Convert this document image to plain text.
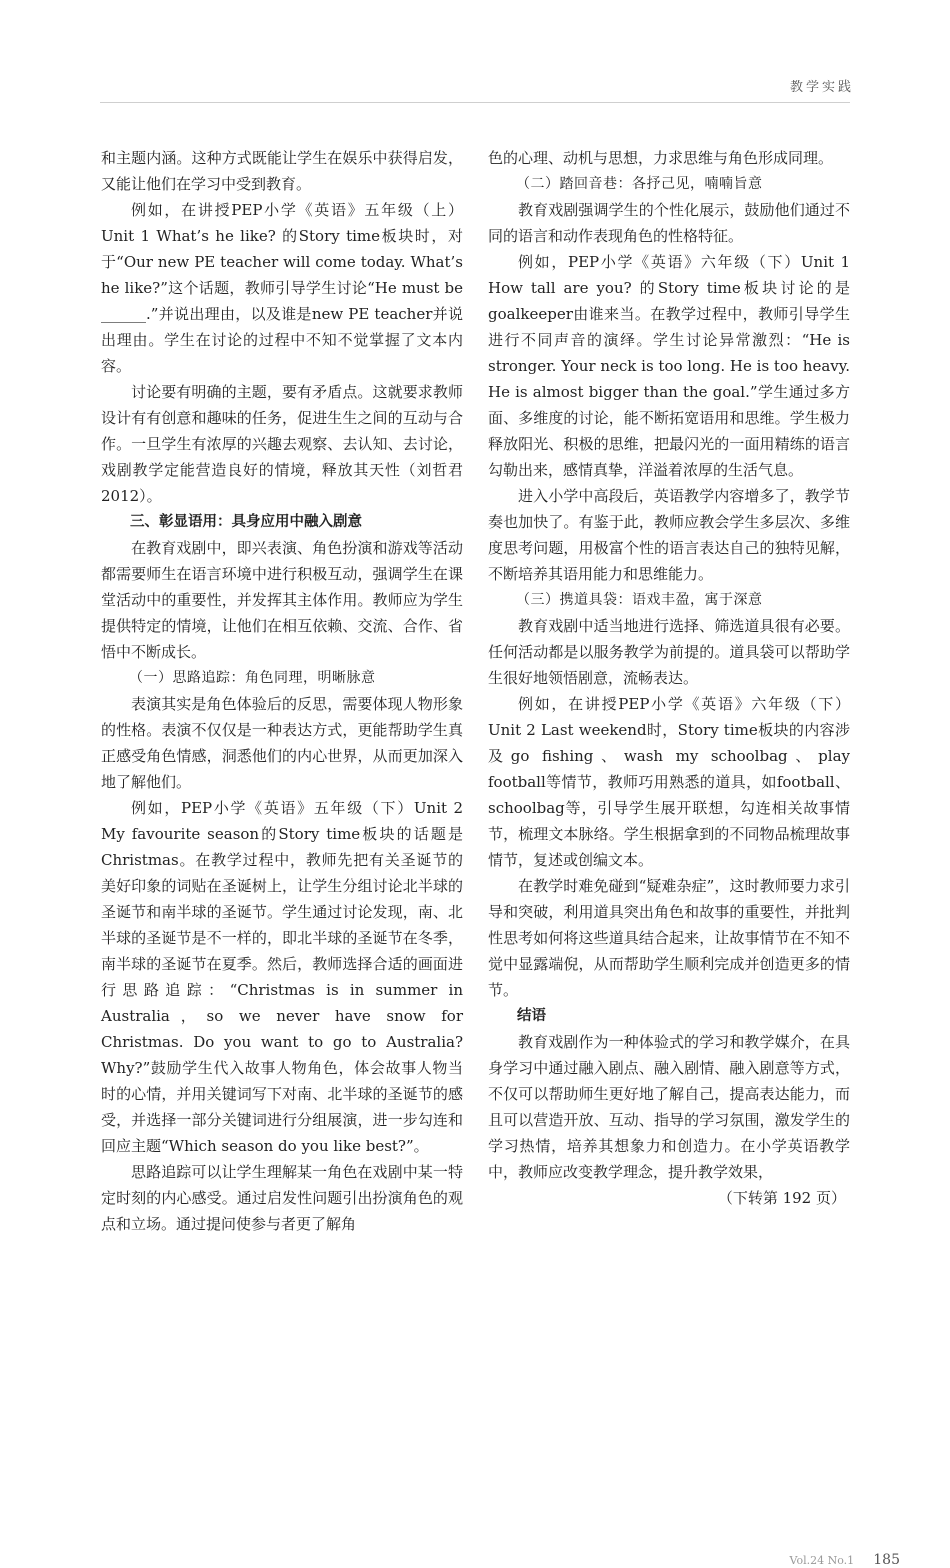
教学实践

和主题内涵。这种方式既能让学生在娱乐中获得启发，又能让他们在学习中受到教育。

例如，在讲授PEP小学《英语》五年级（上）Unit 1 What’s he like? 的Story time板块时，对于“Our new PE teacher will come today. What’s he like?”这个话题，教师引导学生讨论“He must be ______.”并说出理由，以及谁是new PE teacher并说出理由。学生在讨论的过程中不知不觉掌握了文本内容。

讨论要有明确的主题，要有矛盾点。这就要求教师设计有有创意和趣味的任务，促进生生之间的互动与合作。一旦学生有浓厚的兴趣去观察、去认知、去讨论，戏剧教学定能营造良好的情境，释放其天性（刘哲君 2012）。

三、彰显语用：具身应用中融入剧意

在教育戏剧中，即兴表演、角色扮演和游戏等活动都需要师生在语言环境中进行积极互动，强调学生在课堂活动中的重要性，并发挥其主体作用。教师应为学生提供特定的情境，让他们在相互依赖、交流、合作、省悟中不断成长。

（一）思路追踪：角色同理，明晰脉意

表演其实是角色体验后的反思，需要体现人物形象的性格。表演不仅仅是一种表达方式，更能帮助学生真正感受角色情感，洞悉他们的内心世界，从而更加深入地了解他们。

例如，PEP小学《英语》五年级（下）Unit 2 My favourite season的Story time板块的话题是Christmas。在教学过程中，教师先把有关圣诞节的美好印象的词贴在圣诞树上，让学生分组讨论北半球的圣诞节和南半球的圣诞节。学生通过讨论发现，南、北半球的圣诞节是不一样的，即北半球的圣诞节在冬季，南半球的圣诞节在夏季。然后，教师选择合适的画面进行思路追踪：“Christmas is in summer in Australia，so we never have snow for Christmas. Do you want to go to Australia? Why?”鼓励学生代入故事人物角色，体会故事人物当时的心情，并用关键词写下对南、北半球的圣诞节的感受，并选择一部分关键词进行分组展演，进一步勾连和回应主题“Which season do you like best?”。

思路追踪可以让学生理解某一角色在戏剧中某一特定时刻的内心感受。通过启发性问题引出扮演角色的观点和立场。通过提问使参与者更了解角

色的心理、动机与思想，力求思维与角色形成同理。

（二）踏回音巷：各抒己见，喃喃旨意

教育戏剧强调学生的个性化展示，鼓励他们通过不同的语言和动作表现角色的性格特征。

例如，PEP小学《英语》六年级（下）Unit 1 How tall are you? 的Story time板块讨论的是goalkeeper由谁来当。在教学过程中，教师引导学生进行不同声音的演绎。学生讨论异常激烈：“He is stronger. Your neck is too long. He is too heavy. He is almost bigger than the goal.”学生通过多方面、多维度的讨论，能不断拓宽语用和思维。学生极力释放阳光、积极的思维，把最闪光的一面用精练的语言勾勒出来，感情真挚，洋溢着浓厚的生活气息。

进入小学中高段后，英语教学内容增多了，教学节奏也加快了。有鉴于此，教师应教会学生多层次、多维度思考问题，用极富个性的语言表达自己的独特见解，不断培养其语用能力和思维能力。

（三）携道具袋：语戏丰盈，寓于深意

教育戏剧中适当地进行选择、筛选道具很有必要。任何活动都是以服务教学为前提的。道具袋可以帮助学生很好地领悟剧意，流畅表达。

例如，在讲授PEP小学《英语》六年级（下）Unit 2 Last weekend时，Story time板块的内容涉及go fishing、wash my schoolbag、play football等情节，教师巧用熟悉的道具，如football、schoolbag等，引导学生展开联想，勾连相关故事情节，梳理文本脉络。学生根据拿到的不同物品梳理故事情节，复述或创编文本。

在教学时难免碰到“疑难杂症”，这时教师要力求引导和突破，利用道具突出角色和故事的重要性，并批判性思考如何将这些道具结合起来，让故事情节在不知不觉中显露端倪，从而帮助学生顺利完成并创造更多的情节。

结语

教育戏剧作为一种体验式的学习和教学媒介，在具身学习中通过融入剧点、融入剧情、融入剧意等方式，不仅可以帮助师生更好地了解自己，提高表达能力，而且可以营造开放、互动、指导的学习氛围，激发学生的学习热情，培养其想象力和创造力。在小学英语教学中，教师应改变教学理念，提升教学效果，

（下转第 192 页）

Vol.24 No.1 185
